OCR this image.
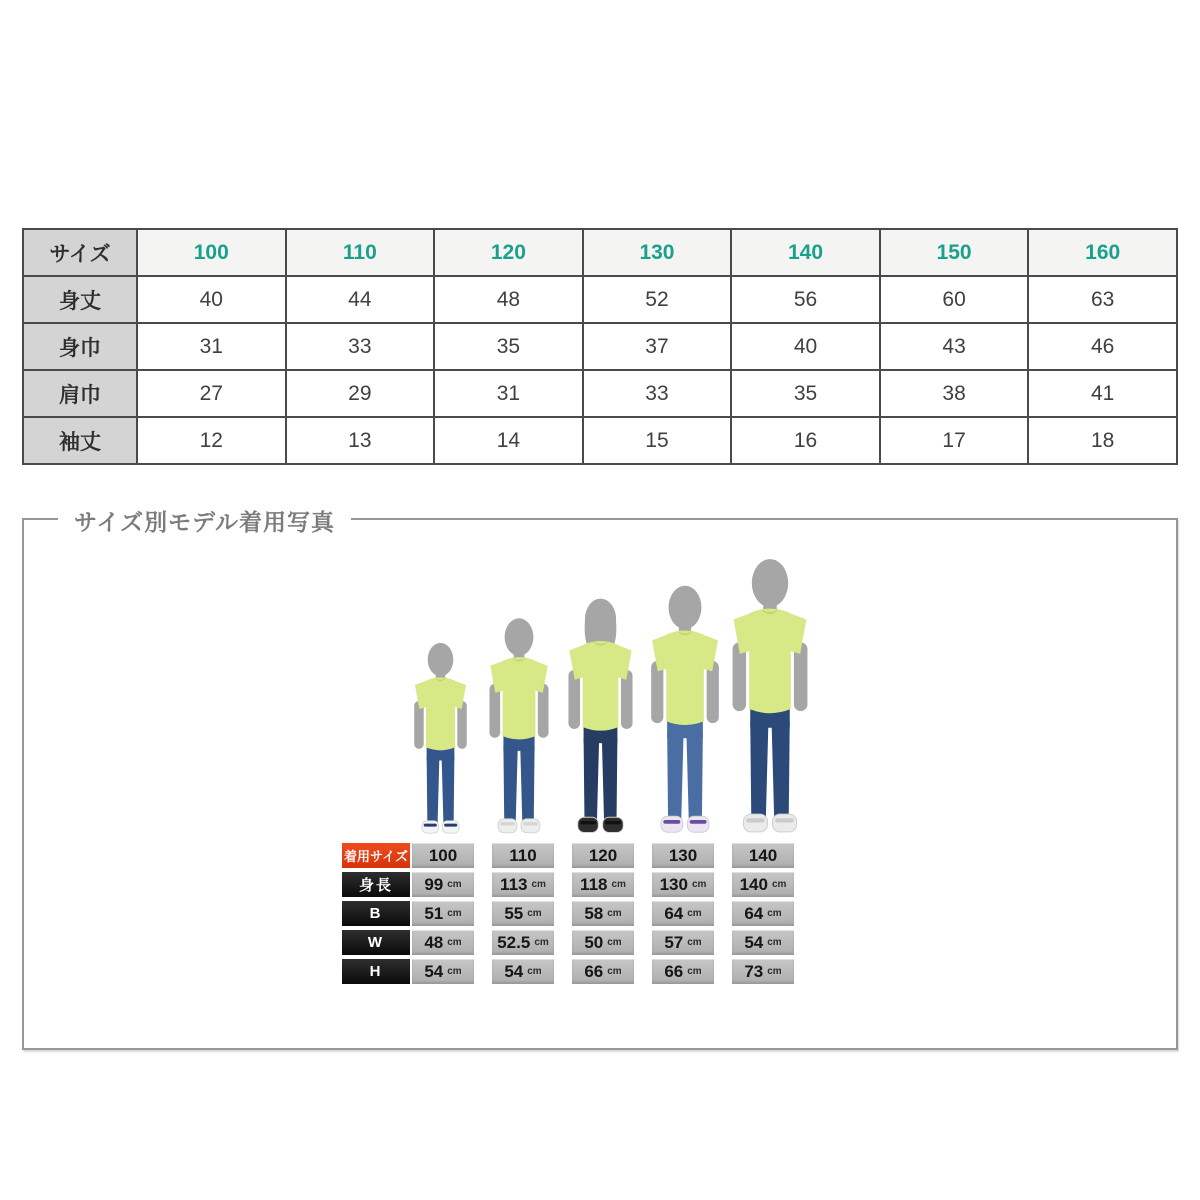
サイズ	100	110	120	130	140	150	160
身丈	40	44	48	52	56	60	63
身巾	31	33	35	37	40	43	46
肩巾	27	29	31	33	35	38	41
袖丈	12	13	14	15	16	17	18
サイズ別モデル着用写真
着用サイズ	100	110	120	130	140
身長	99 cm 113 cm 118 cm 130 cm 140 cm
B	51 cm	55 cm	58 cm	64 cm	64 cm
W	48 cm 52.5 cm 50 cm	57 cm	54 cm
H	54 cm	54 cm	66 cm	66 cm	73 cm
